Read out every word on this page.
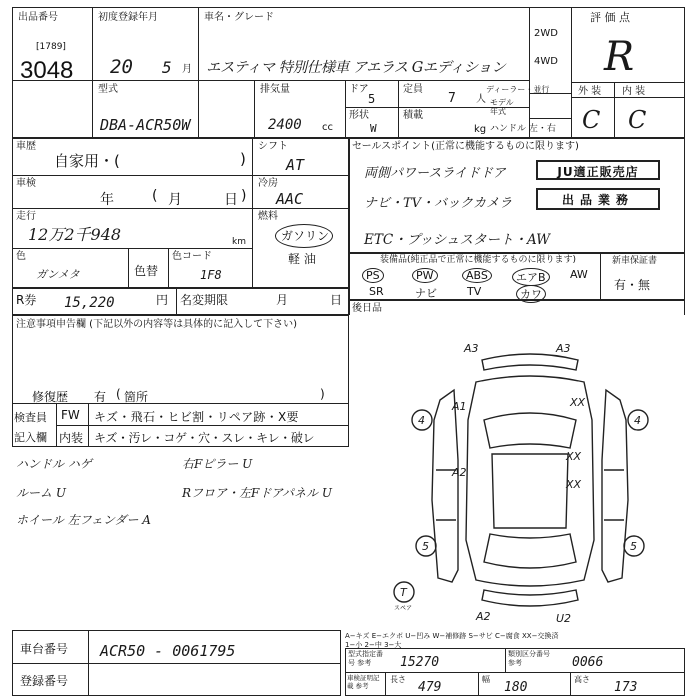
出品番号
[1789]
3048
初度登録年月
20 5 月
車名・グレード
エスティマ 特別仕様車 アエラス Gエディション
2WD
4WD
評 価 点
R
型式
DBA-ACR50W
排気量
2400 cc
ドア
5
定員
7 人
形状
W
積載
kg
ディーラー・並行
モデル 年式
ハンドル 左・右
外 装 内 装
C C
車歴
自家用・(	)
シフト
AT
車検
年	月	日
(	)
冷房
AAC
走行
12万2千948	km
燃料
ガソリン
軽 油
色
ガンメタ	色替
色コード
1F8
R券 15,220	円 名変期限	月	日
セールスポイント(正常に機能するものに限ります)
両側パワースライドドア	JU適正販売店
ナビ・TV・バックカメラ	出品業務
ETC・プッシュスタート・AW
装備品(純正品で正常に機能するものに限ります)	新車保証書
有・無
PS	PW	ABS	エアB	AW
SR	ナビ	TV	カワ
後日品
注意事項申告欄 (下記以外の内容等は具体的に記入して下さい)
修復歴 有 箇所
(	)
検査員 記入欄
FW キズ・飛石・ヒビ割・リペア跡・X要
内装 キズ・汚レ・コゲ・穴・スレ・キレ・破レ
ハンドル ハゲ	右Fピラー U
ルーム U	Rフロア・左Fドアパネル U
ホイール 左フェンダー A
A3	A3
A1	XX
4	4
A2
XX
XX
5	5
A2	U2
T
スペア
A−キズ E−エクボ U−凹み W−補修跡 S−サビ C−腐食 XX−交換済
1−小 2−中 3−大
車台番号 ACR50 - 0061795
登録番号
型式指定番号 参考	15270
類別区分番号 参考	0066
車検証明記載 参考
長さ
479
幅
180
高さ
173
